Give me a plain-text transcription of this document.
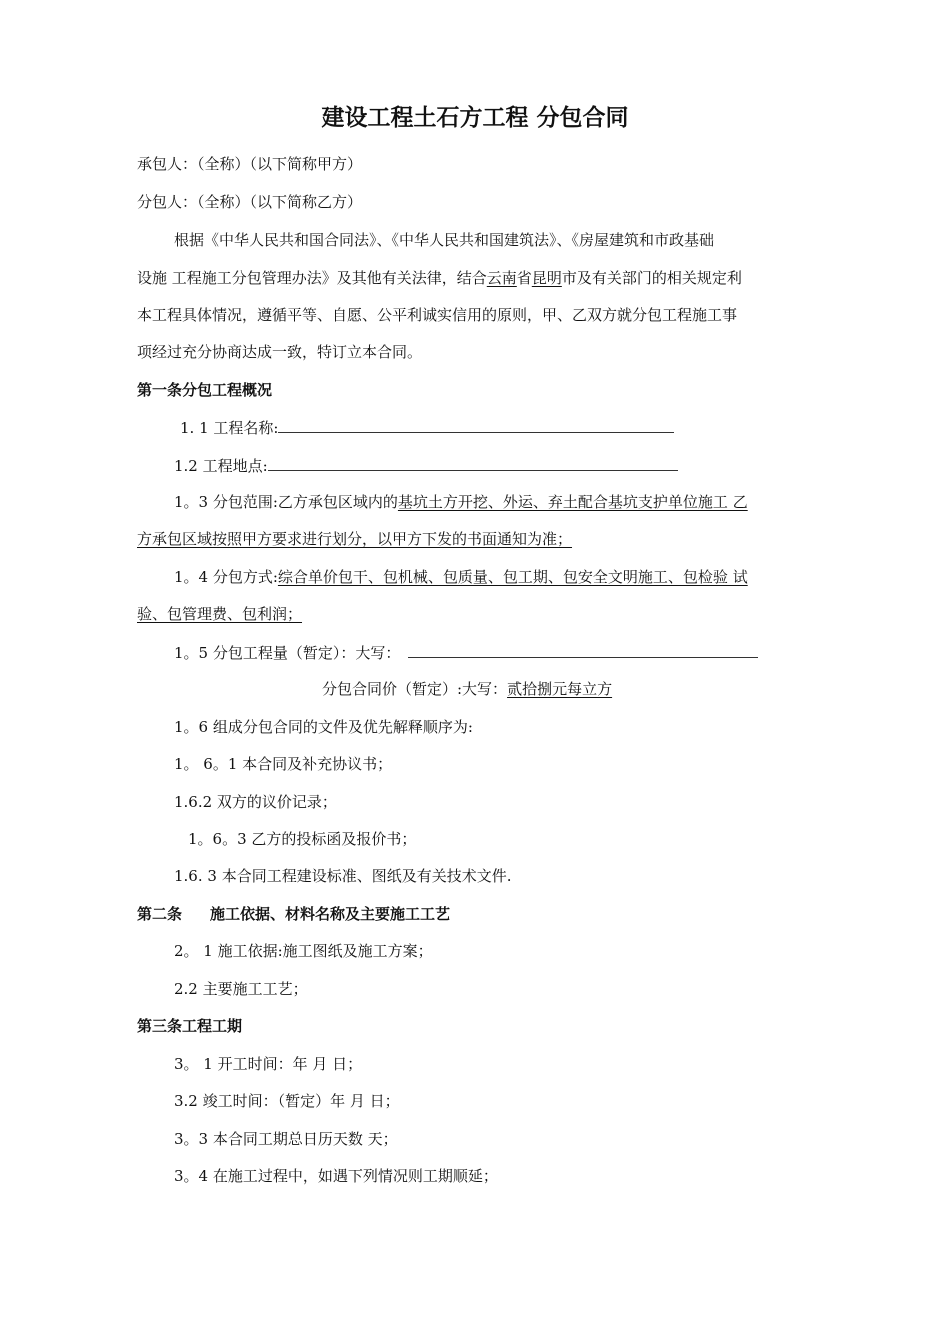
建设工程土石方工程 分包合同
承包人：（全称）（以下简称甲方）
分包人：（全称）（以下简称乙方）
根据《中华人民共和国合同法》、《中华人民共和国建筑法》、《房屋建筑和市政基础
设施 工程施工分包管理办法》及其他有关法律，结合云南省昆明市及有关部门的相关规定利
本工程具体情况，遵循平等、自愿、公平利诚实信用的原则，甲、乙双方就分包工程施工事
项经过充分协商达成一致，特订立本合同。
第一条分包工程概况
1. 1 工程名称:
1.2 工程地点:
1。3 分包范围:乙方承包区域内的基坑土方开挖、外运、弃土配合基坑支护单位施工 乙
方承包区域按照甲方要求进行划分，以甲方下发的书面通知为准；
1。4 分包方式:综合单价包干、包机械、包质量、包工期、包安全文明施工、包检验 试
验、包管理费、包利润；
1。5 分包工程量（暂定）：大写：
分包合同价（暂定）:大写：贰拾捌元每立方
1。6 组成分包合同的文件及优先解释顺序为:
1。 6。1 本合同及补充协议书；
1.6.2 双方的议价记录；
1。6。3 乙方的投标函及报价书；
1.6. 3 本合同工程建设标准、图纸及有关技术文件.
第二条 施工依据、材料名称及主要施工工艺
2。 1 施工依据:施工图纸及施工方案；
2.2 主要施工工艺；
第三条工程工期
3。 1 开工时间：年 月 日；
3.2 竣工时间：（暂定）年 月 日；
3。3 本合同工期总日历天数 天；
3。4 在施工过程中，如遇下列情况则工期顺延；
